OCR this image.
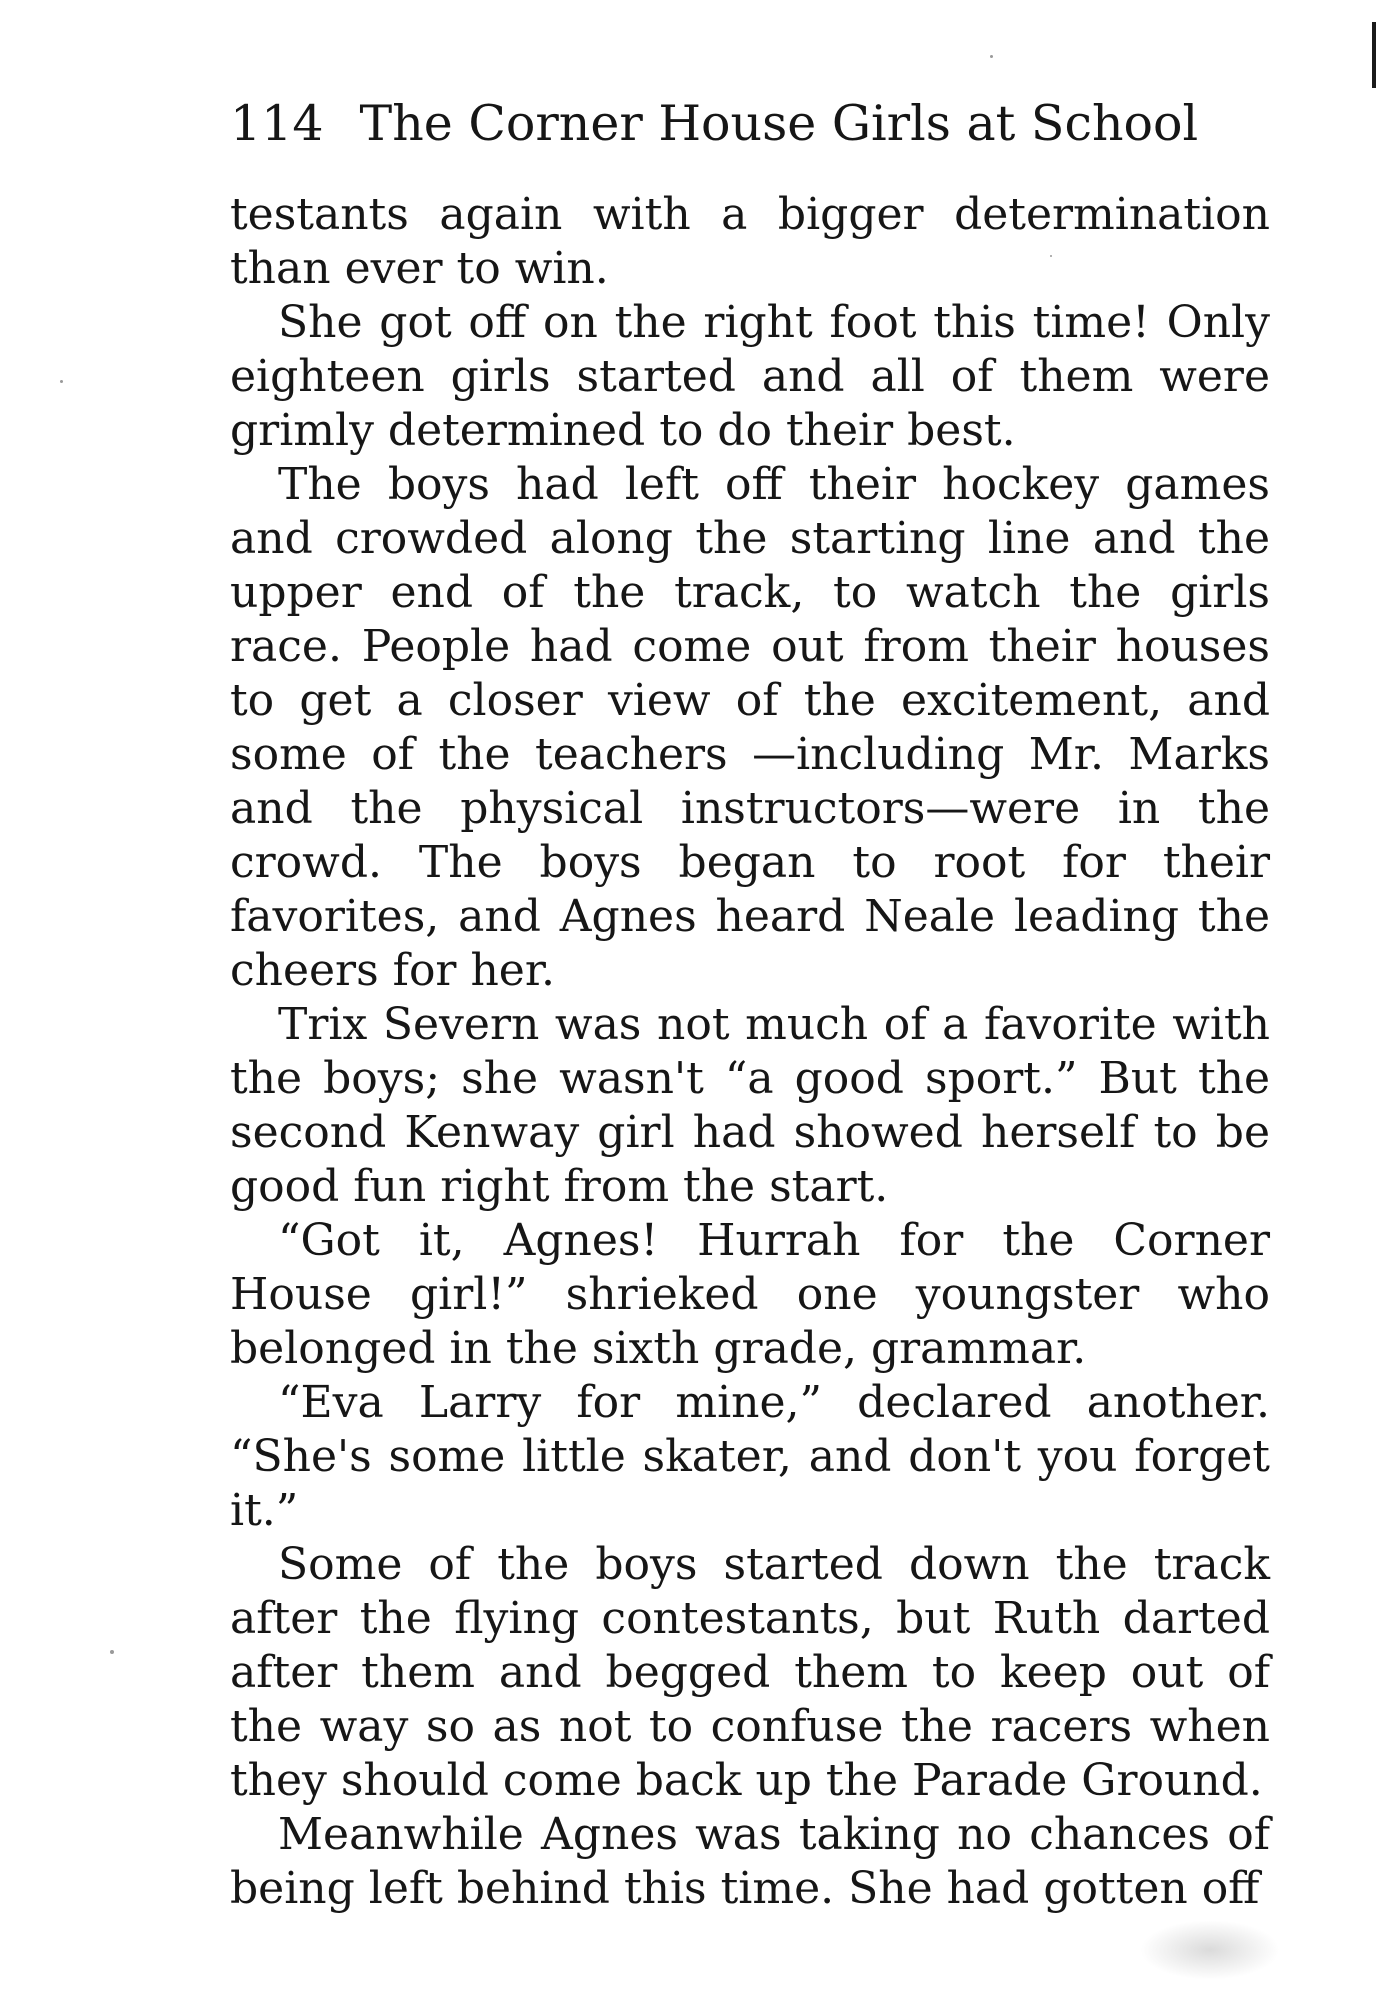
114 The Corner House Girls at School

testants again with a bigger determination than ever to win.

She got off on the right foot this time! Only eighteen girls started and all of them were grimly determined to do their best.

The boys had left off their hockey games and crowded along the starting line and the upper end of the track, to watch the girls race. People had come out from their houses to get a closer view of the excitement, and some of the teachers —including Mr. Marks and the physical instructors—were in the crowd. The boys began to root for their favorites, and Agnes heard Neale leading the cheers for her.

Trix Severn was not much of a favorite with the boys; she wasn't “a good sport.” But the second Kenway girl had showed herself to be good fun right from the start.

“Got it, Agnes! Hurrah for the Corner House girl!” shrieked one youngster who belonged in the sixth grade, grammar.

“Eva Larry for mine,” declared another. “She's some little skater, and don't you forget it.”

Some of the boys started down the track after the flying contestants, but Ruth darted after them and begged them to keep out of the way so as not to confuse the racers when they should come back up the Parade Ground.

Meanwhile Agnes was taking no chances of being left behind this time. She had gotten off
